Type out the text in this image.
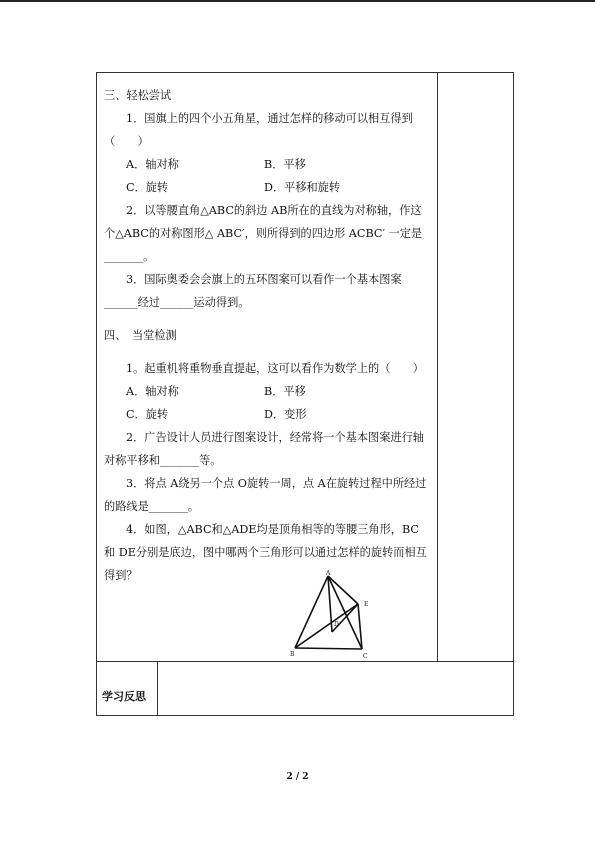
三、轻松尝试

1．国旗上的四个小五角星，通过怎样的移动可以相互得到（　　）

A．轴对称	B．平移
C．旋转	D．平移和旋转

2．以等腰直角△ABC的斜边 AB所在的直线为对称轴，作这个△ABC的对称图形△ ABC′，则所得到的四边形 ACBC′ 一定是_______。

3．国际奥委会会旗上的五环图案可以看作一个基本图案______经过______运动得到。

四、　当堂检测

1。起重机将重物垂直提起，这可以看作为数学上的（　　）

A．轴对称	B．平移
C．旋转	D．变形

2．广告设计人员进行图案设计，经常将一个基本图案进行轴对称平移和_______等。

3．将点 A绕另一个点 O旋转一周，点 A在旋转过程中所经过的路线是_______。

4．如图，△ABC和△ADE均是顶角相等的等腰三角形，BC和 DE分别是底边，图中哪两个三角形可以通过怎样的旋转而相互得到？	A
B	C
D
E
学习反思
2 / 2
